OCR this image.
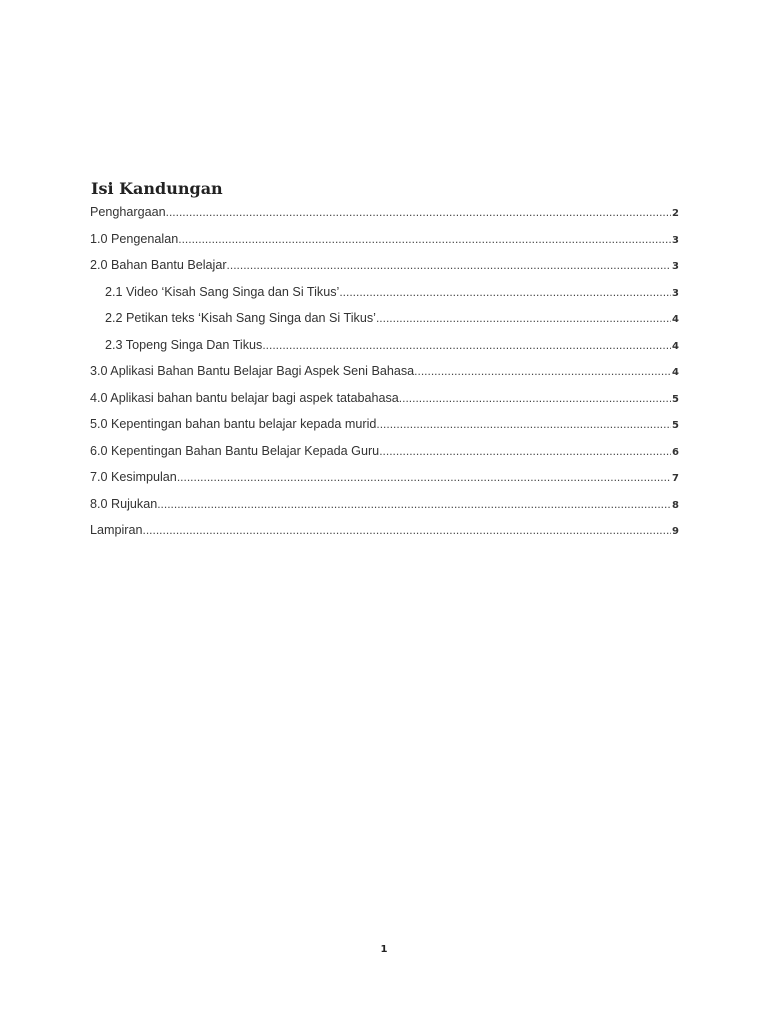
Isi Kandungan
Penghargaan .....	2
1.0 Pengenalan .....	3
2.0 Bahan Bantu Belajar .....	3
2.1 Video ‘Kisah Sang Singa dan Si Tikus’ .....	3
2.2 Petikan teks ‘Kisah Sang Singa dan Si Tikus’ .....	4
2.3 Topeng Singa Dan Tikus .....	4
3.0 Aplikasi Bahan Bantu Belajar Bagi Aspek Seni Bahasa .....	4
4.0 Aplikasi bahan bantu belajar bagi aspek tatabahasa .....	5
5.0 Kepentingan bahan bantu belajar kepada murid .....	5
6.0 Kepentingan Bahan Bantu Belajar Kepada Guru .....	6
7.0 Kesimpulan .....	7
8.0 Rujukan .....	8
Lampiran .....	9
1
